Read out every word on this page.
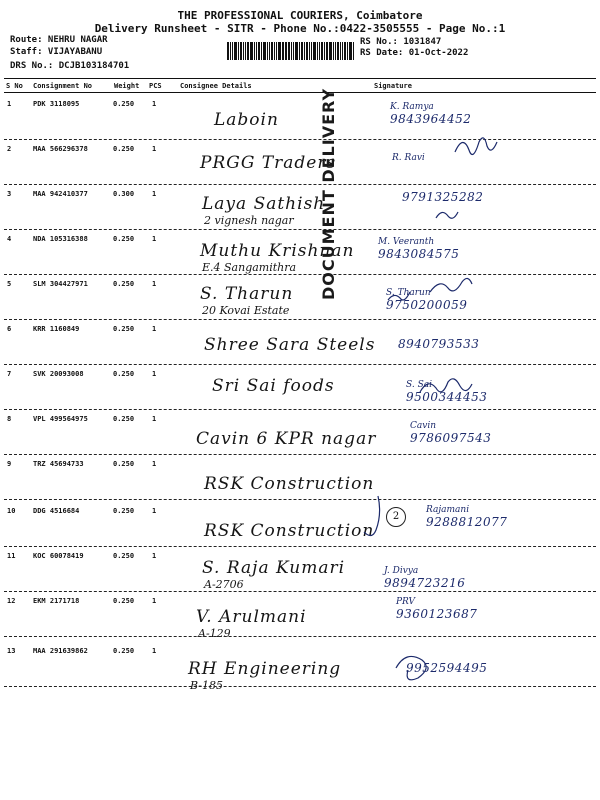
THE PROFESSIONAL COURIERS, Coimbatore
Delivery Runsheet - SITR - Phone No.:0422-3505555 - Page No.:1
Route: NEHRU NAGAR
Staff: VIJAYABANU
DRS No.: DCJB103184701
RS No.: 1031847
RS Date: 01-Oct-2022
S No Consignment No	Weight PCS	Consignee Details	Signature
1	PDK 3118095	0.250	1
Laboin
K. Ramya
9843964452
2	MAA 566296378	0.250	1
PRGG Traders	R. Ravi
3	MAA 942410377	0.300	1	Laya Sathish
2 vignesh nagar
9791325282
4	NDA 105316388	0.250	1
Muthu Krishnan
E.4 Sangamithra
M. Veeranth
9843084575
5	SLM 304427971	0.250	1	S. Tharun
20 Kovai Estate
S. Tharun
9750200059
6	KRR 1160849	0.250	1
Shree Sara Steels 8940793533
7	SVK 20093008	0.250	1
Sri Sai foods	S. Sai
9500344453
8	VPL 499564975	0.250	1
Cavin 6 KPR nagar
Cavin
9786097543
9	TRZ 45694733	0.250	1
RSK Construction
10	DDG 4516684	0.250	1
RSK Construction
Rajamani
9288812077
11	KOC 60078419	0.250	1
S. Raja Kumari
A-2706
J. Divya
9894723216
12	EKM 2171718	0.250	1
V. Arulmani
A-129
PRV
9360123687
13	MAA 291639862	0.250	1
RH Engineering
B-185
9952594495
DOCUMENT DELIVERY
2
